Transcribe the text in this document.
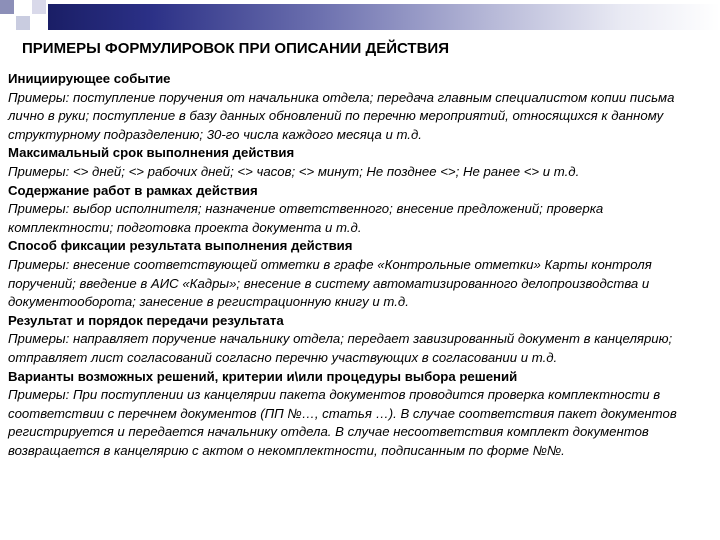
ПРИМЕРЫ ФОРМУЛИРОВОК ПРИ ОПИСАНИИ ДЕЙСТВИЯ

Инициирующее событие

Примеры: поступление поручения от начальника отдела; передача главным специалистом копии письма лично в руки; поступление в базу данных обновлений по перечню мероприятий, относящихся к данному структурному подразделению; 30-го числа каждого месяца и т.д.

Максимальный срок выполнения действия

Примеры: <> дней; <> рабочих дней; <> часов; <> минут; Не позднее <>; Не ранее <> и т.д.

Содержание работ в рамках действия

Примеры: выбор исполнителя; назначение ответственного; внесение предложений; проверка комплектности; подготовка проекта документа и т.д.

Способ фиксации результата выполнения действия

Примеры: внесение соответствующей отметки в графе «Контрольные отметки» Карты контроля поручений; введение в АИС «Кадры»; внесение в систему автоматизированного делопроизводства и документооборота; занесение в регистрационную книгу и т.д.

Результат и порядок передачи результата

Примеры: направляет поручение начальнику отдела; передает завизированный документ в канцелярию; отправляет лист согласований согласно перечню участвующих в согласовании и т.д.

Варианты возможных решений, критерии и\или процедуры выбора решений

Примеры: При поступлении из канцелярии пакета документов проводится проверка комплектности в соответствии с перечнем документов (ПП №…, статья …). В случае соответствия пакет документов регистрируется и передается начальнику отдела. В случае несоответствия комплект документов возвращается в канцелярию с актом о некомплектности, подписанным по форме №№.
